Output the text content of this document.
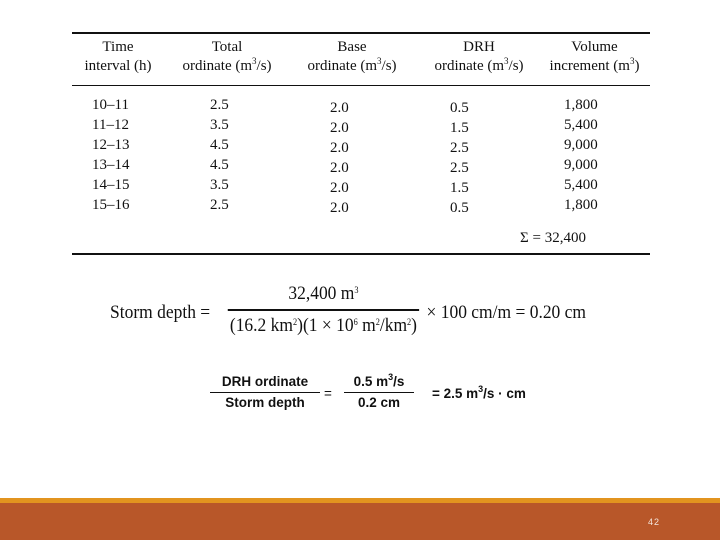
Time
interval (h)
Total
ordinate $(m^3/s)$
Base
ordinate $(m^3/s)$
DRH
ordinate $(m^3/s)$
Volume
increment $(m^3)$
10–11
11–12
12–13
13–14
14–15
15–16
2.5
3.5
4.5
4.5
3.5
2.5
2.0
2.0
2.0
2.0
2.0
2.0
0.5
1.5
2.5
2.5
1.5
0.5
1,800
5,400
9,000
9,000
5,400
1,800
Σ = 32,400
Storm depth =
32,400 $m^3$
(16.2 $km^2)(1 \times 10^6$ $m^2/km^2$)
× 100 cm/m = 0.20 cm
DRH ordinate
Storm depth
=
0.5 $m^3/s$
0.2 cm
= 2.5 $m^3/s$ · cm
42
